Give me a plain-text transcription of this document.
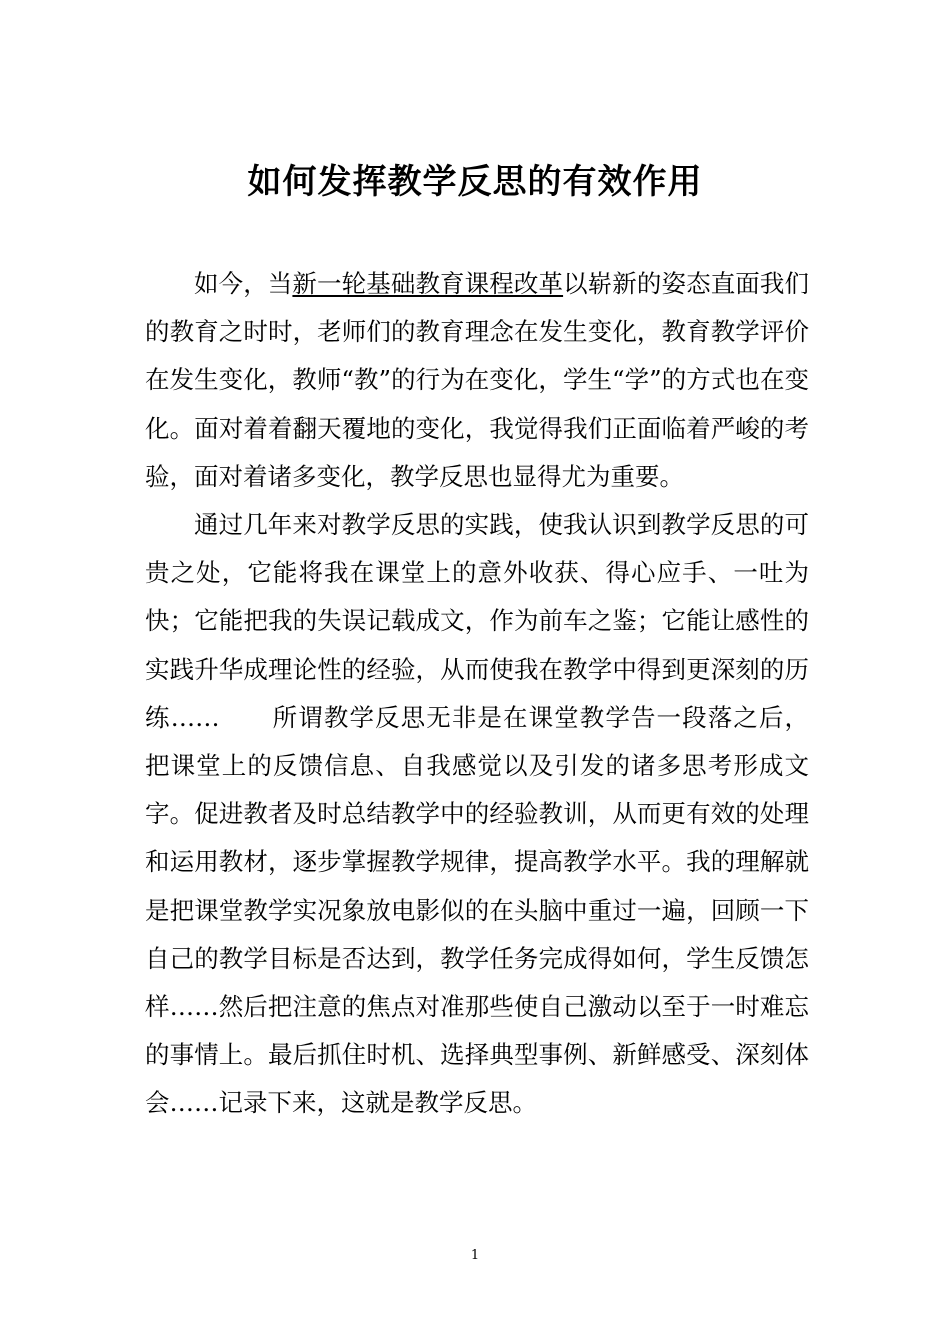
如何发挥教学反思的有效作用

如今，当新一轮基础教育课程改革以崭新的姿态直面我们的教育之时时，老师们的教育理念在发生变化，教育教学评价在发生变化，教师“教”的行为在变化，学生“学”的方式也在变化。面对着着翻天覆地的变化，我觉得我们正面临着严峻的考验，面对着诸多变化，教学反思也显得尤为重要。

通过几年来对教学反思的实践，使我认识到教学反思的可贵之处，它能将我在课堂上的意外收获、得心应手、一吐为快；它能把我的失误记载成文，作为前车之鉴；它能让感性的实践升华成理论性的经验，从而使我在教学中得到更深刻的历练…… 所谓教学反思无非是在课堂教学告一段落之后，把课堂上的反馈信息、自我感觉以及引发的诸多思考形成文字。促进教者及时总结教学中的经验教训，从而更有效的处理和运用教材，逐步掌握教学规律，提高教学水平。我的理解就是把课堂教学实况象放电影似的在头脑中重过一遍，回顾一下自己的教学目标是否达到，教学任务完成得如何，学生反馈怎样……然后把注意的焦点对准那些使自己激动以至于一时难忘的事情上。最后抓住时机、选择典型事例、新鲜感受、深刻体会……记录下来，这就是教学反思。

1
